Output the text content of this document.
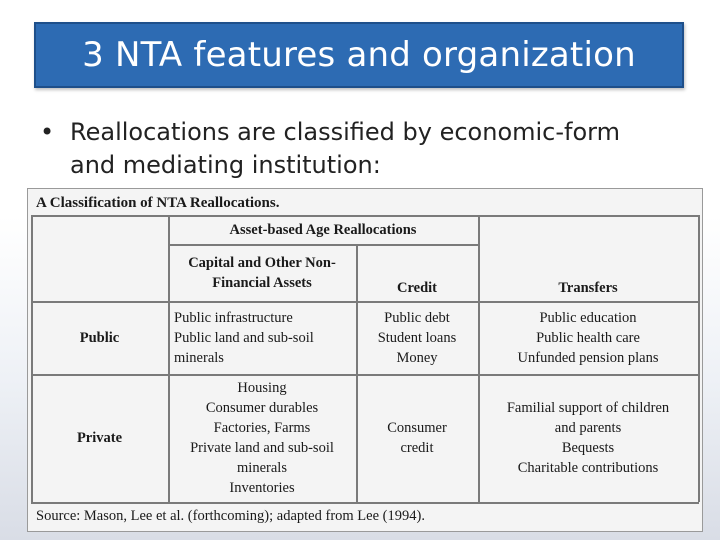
3 NTA features and organization
• Reallocations are classified by economic-form
and mediating institution:
A Classification of NTA Reallocations.
Asset-based Age Reallocations
Capital and Other Non-
Financial Assets	Credit	Transfers
Public
Public infrastructure
Public land and sub-soil
minerals
Public debt
Student loans
Money
Public education
Public health care
Unfunded pension plans
Private
Housing
Consumer durables
Factories, Farms
Private land and sub-soil
minerals
Inventories
Consumer
credit
Familial support of children
and parents
Bequests
Charitable contributions
Source: Mason, Lee et al. (forthcoming); adapted from Lee (1994).
